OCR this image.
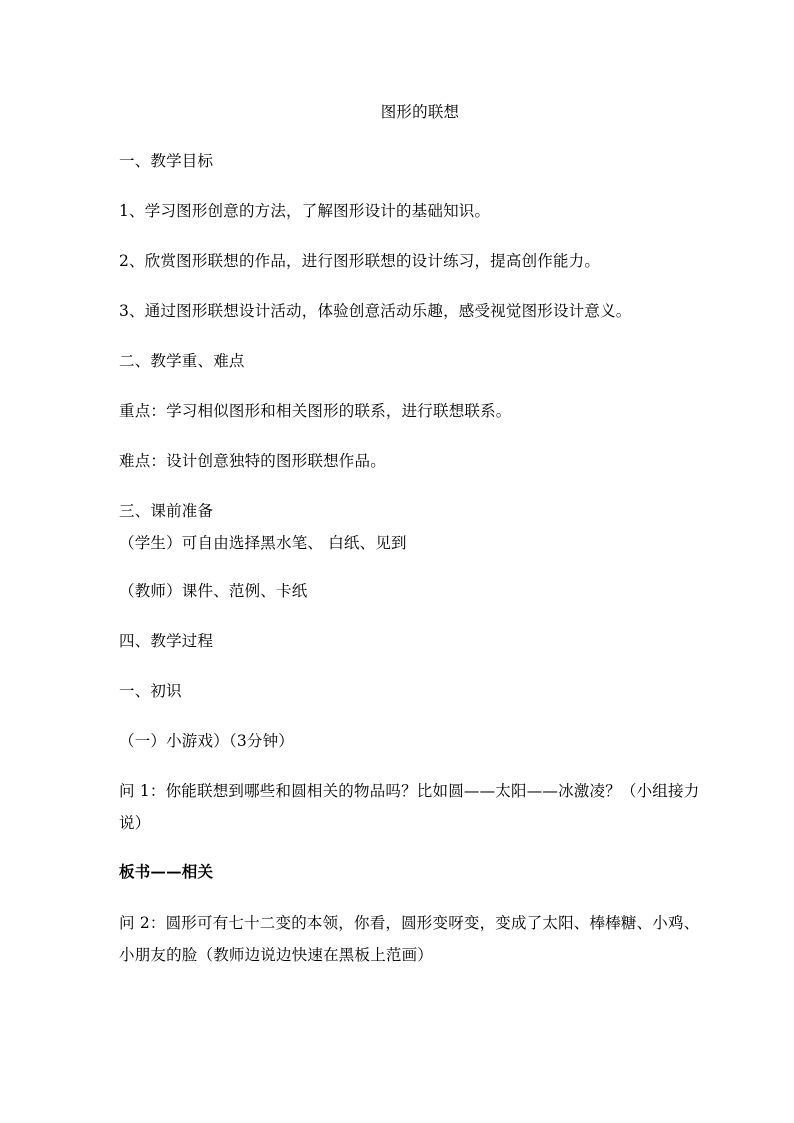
图形的联想
一、教学目标
1、学习图形创意的方法，了解图形设计的基础知识。
2、欣赏图形联想的作品，进行图形联想的设计练习，提高创作能力。
3、通过图形联想设计活动，体验创意活动乐趣，感受视觉图形设计意义。
二、教学重、难点
重点：学习相似图形和相关图形的联系，进行联想联系。
难点：设计创意独特的图形联想作品。
三、课前准备
（学生）可自由选择黑水笔、 白纸、见到
（教师）课件、范例、卡纸
四、教学过程
一、初识
（一）小游戏）（3分钟）
问 1：你能联想到哪些和圆相关的物品吗？比如圆——太阳——冰激凌？（小组接力说）
板书——相关
问 2：圆形可有七十二变的本领，你看，圆形变呀变，变成了太阳、棒棒糖、小鸡、小朋友的脸（教师边说边快速在黑板上范画）
